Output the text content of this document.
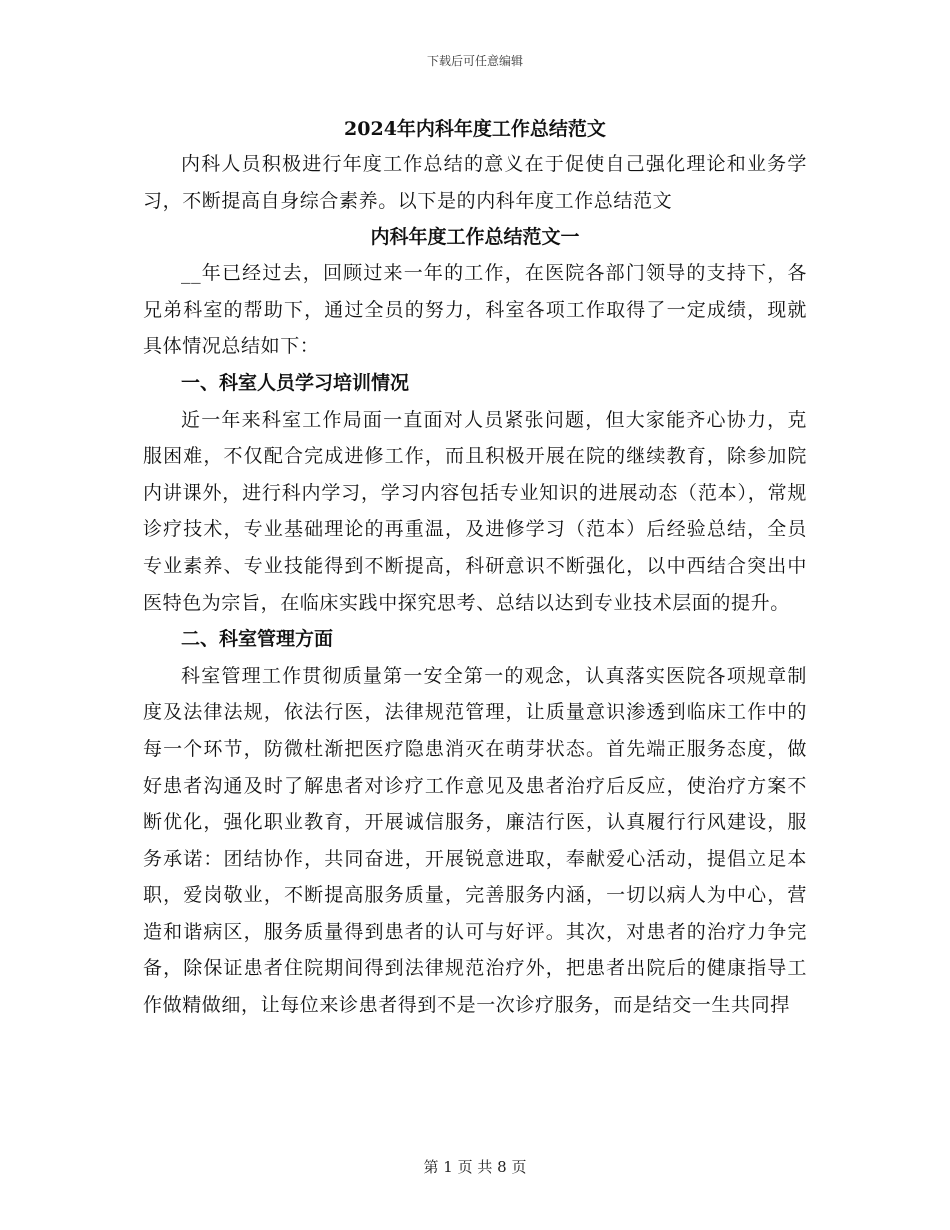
下载后可任意编辑
2024年内科年度工作总结范文

内科人员积极进行年度工作总结的意义在于促使自己强化理论和业务学习，不断提高自身综合素养。以下是的内科年度工作总结范文

内科年度工作总结范文一

__年已经过去，回顾过来一年的工作，在医院各部门领导的支持下，各兄弟科室的帮助下，通过全员的努力，科室各项工作取得了一定成绩，现就具体情况总结如下：

一、科室人员学习培训情况

近一年来科室工作局面一直面对人员紧张问题，但大家能齐心协力，克服困难，不仅配合完成进修工作，而且积极开展在院的继续教育，除参加院内讲课外，进行科内学习，学习内容包括专业知识的进展动态（范本），常规诊疗技术，专业基础理论的再重温，及进修学习（范本）后经验总结，全员专业素养、专业技能得到不断提高，科研意识不断强化，以中西结合突出中医特色为宗旨，在临床实践中探究思考、总结以达到专业技术层面的提升。

二、科室管理方面

科室管理工作贯彻质量第一安全第一的观念，认真落实医院各项规章制度及法律法规，依法行医，法律规范管理，让质量意识渗透到临床工作中的每一个环节，防微杜渐把医疗隐患消灭在萌芽状态。首先端正服务态度，做好患者沟通及时了解患者对诊疗工作意见及患者治疗后反应，使治疗方案不断优化，强化职业教育，开展诚信服务，廉洁行医，认真履行行风建设，服务承诺：团结协作，共同奋进，开展锐意进取，奉献爱心活动，提倡立足本职，爱岗敬业，不断提高服务质量，完善服务内涵，一切以病人为中心，营造和谐病区，服务质量得到患者的认可与好评。其次，对患者的治疗力争完备，除保证患者住院期间得到法律规范治疗外，把患者出院后的健康指导工作做精做细，让每位来诊患者得到不是一次诊疗服务，而是结交一生共同捍

第 1 页 共 8 页
